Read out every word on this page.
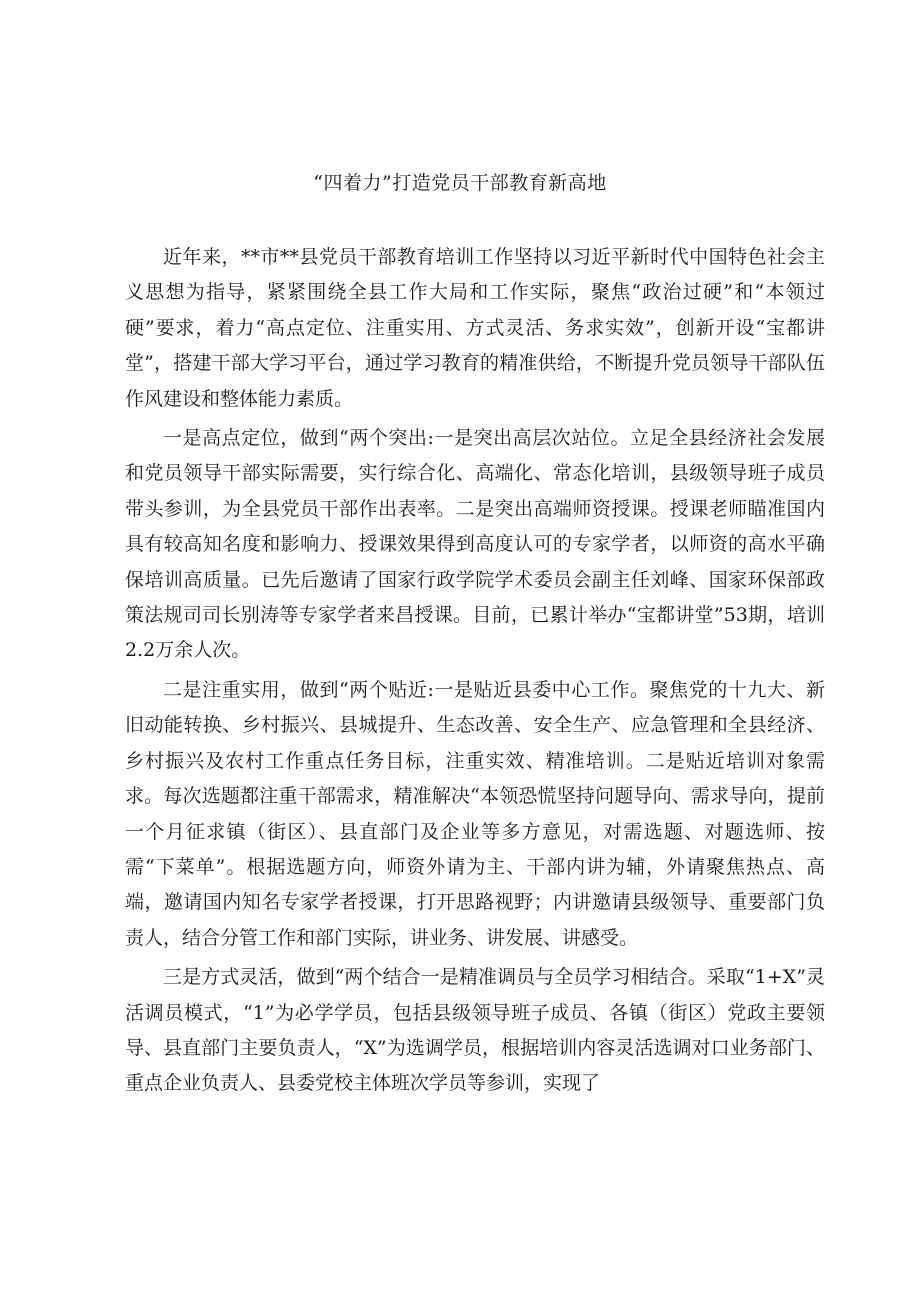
“四着力”打造党员干部教育新高地

近年来，**市**县党员干部教育培训工作坚持以习近平新时代中国特色社会主义思想为指导，紧紧围绕全县工作大局和工作实际，聚焦“政治过硬”和“本领过硬”要求，着力“高点定位、注重实用、方式灵活、务求实效”，创新开设“宝都讲堂”，搭建干部大学习平台，通过学习教育的精准供给，不断提升党员领导干部队伍作风建设和整体能力素质。

一是高点定位，做到“两个突出:一是突出高层次站位。立足全县经济社会发展和党员领导干部实际需要，实行综合化、高端化、常态化培训，县级领导班子成员带头参训，为全县党员干部作出表率。二是突出高端师资授课。授课老师瞄准国内具有较高知名度和影响力、授课效果得到高度认可的专家学者，以师资的高水平确保培训高质量。已先后邀请了国家行政学院学术委员会副主任刘峰、国家环保部政策法规司司长别涛等专家学者来昌授课。目前，已累计举办“宝都讲堂”53期，培训2.2万余人次。

二是注重实用，做到“两个贴近:一是贴近县委中心工作。聚焦党的十九大、新旧动能转换、乡村振兴、县城提升、生态改善、安全生产、应急管理和全县经济、乡村振兴及农村工作重点任务目标，注重实效、精准培训。二是贴近培训对象需求。每次选题都注重干部需求，精准解决“本领恐慌坚持问题导向、需求导向，提前一个月征求镇（街区）、县直部门及企业等多方意见，对需选题、对题选师、按需“下菜单”。根据选题方向，师资外请为主、干部内讲为辅，外请聚焦热点、高端，邀请国内知名专家学者授课，打开思路视野；内讲邀请县级领导、重要部门负责人，结合分管工作和部门实际，讲业务、讲发展、讲感受。

三是方式灵活，做到“两个结合一是精准调员与全员学习相结合。采取“1+X”灵活调员模式，“1”为必学学员，包括县级领导班子成员、各镇（街区）党政主要领导、县直部门主要负责人，“X”为选调学员，根据培训内容灵活选调对口业务部门、重点企业负责人、县委党校主体班次学员等参训，实现了
